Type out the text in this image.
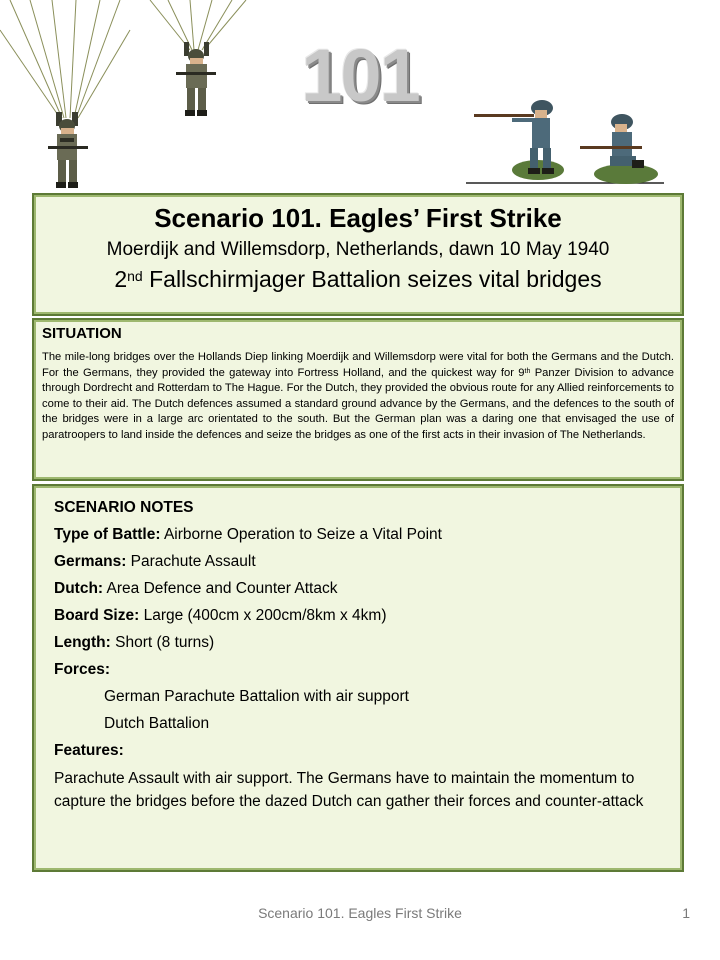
101
Scenario 101. Eagles’ First Strike
Moerdijk and Willemsdorp, Netherlands, dawn 10 May 1940
2nd Fallschirmjager Battalion seizes vital bridges
SITUATION
The mile-long bridges over the Hollands Diep linking Moerdijk and Willemsdorp were vital for both the Germans and the Dutch. For the Germans, they provided the gateway into Fortress Holland, and the quickest way for 9th Panzer Division to advance through Dordrecht and Rotterdam to The Hague. For the Dutch, they provided the obvious route for any Allied reinforcements to come to their aid. The Dutch defences assumed a standard ground advance by the Germans, and the defences to the south of the bridges were in a large arc orientated to the south. But the German plan was a daring one that envisaged the use of paratroopers to land inside the defences and seize the bridges as one of the first acts in their invasion of The Netherlands.
SCENARIO NOTES
Type of Battle: Airborne Operation to Seize a Vital Point
Germans: Parachute Assault
Dutch: Area Defence and Counter Attack
Board Size: Large (400cm x 200cm/8km x 4km)
Length: Short (8 turns)
Forces:
German Parachute Battalion with air support
Dutch Battalion
Features:
Parachute Assault with air support. The Germans have to maintain the momentum to capture the bridges before the dazed Dutch can gather their forces and counter-attack
Scenario 101. Eagles First Strike	1
